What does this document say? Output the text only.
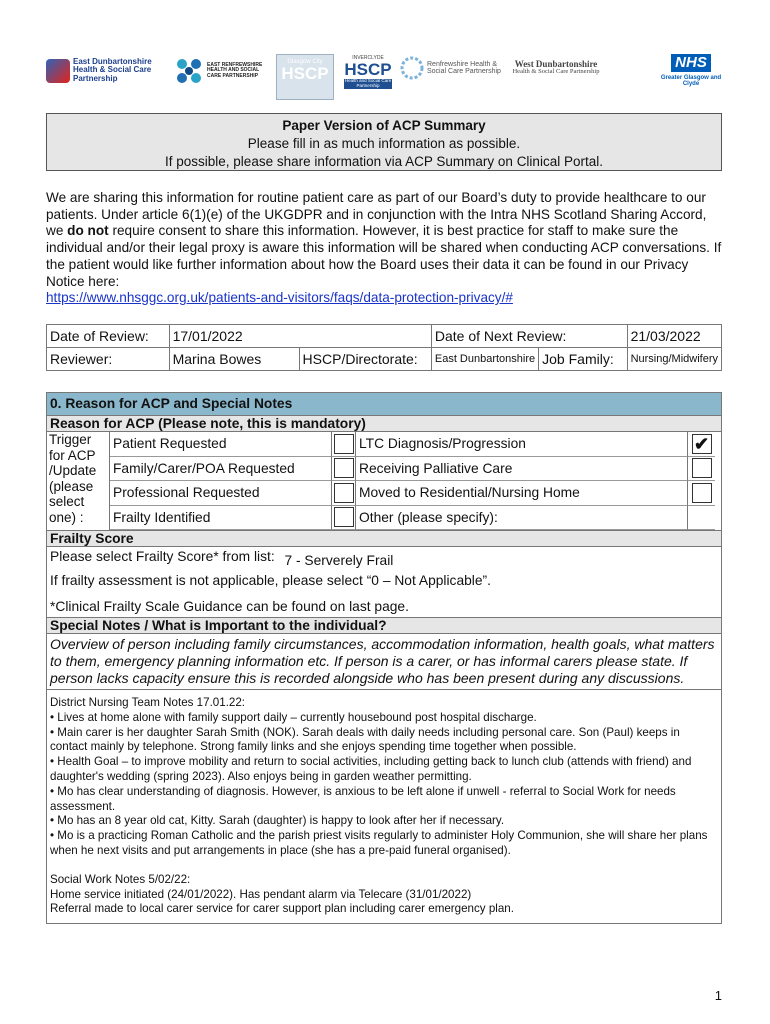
East Dunbartonshire Health & Social Care Partnership
EAST RENFREWSHIRE HEALTH AND SOCIAL CARE PARTNERSHIP
Glasgow City
HSCP
INVERCLYDE
HSCP
Health and Social Care Partnership
Renfrewshire Health & Social Care Partnership
West Dunbartonshire
Health & Social Care Partnership
NHS
Greater Glasgow and Clyde
Paper Version of ACP Summary
Please fill in as much information as possible.
If possible, please share information via ACP Summary on Clinical Portal.
We are sharing this information for routine patient care as part of our Board’s duty to provide healthcare to our patients. Under article 6(1)(e) of the UKGDPR and in conjunction with the Intra NHS Scotland Sharing Accord, we do not require consent to share this information. However, it is best practice for staff to make sure the individual and/or their legal proxy is aware this information will be shared when conducting ACP conversations. If the patient would like further information about how the Board uses their data it can be found in our Privacy Notice here:
https://www.nhsggc.org.uk/patients-and-visitors/faqs/data-protection-privacy/#
Date of Review:	17/01/2022		Date of Next Review:		21/03/2022
Reviewer:	Marina Bowes	HSCP/Directorate:	East Dunbartonshire	Job Family:	Nursing/Midwifery
0. Reason for ACP and Special Notes
Reason for ACP (Please note, this is mandatory)
Trigger for ACP /Update (please select one) :
Patient Requested	LTC Diagnosis/Progression	✔
Family/Carer/POA Requested	Receiving Palliative Care
Professional Requested	Moved to Residential/Nursing Home
Frailty Identified	Other (please specify):
Frailty Score
Please select Frailty Score* from list: 7 - Serverely Frail
If frailty assessment is not applicable, please select “0 – Not Applicable”.
*Clinical Frailty Scale Guidance can be found on last page.
Special Notes / What is Important to the individual?
Overview of person including family circumstances, accommodation information, health goals, what matters to them, emergency planning information etc. If person is a carer, or has informal carers please state. If person lacks capacity ensure this is recorded alongside who has been present during any discussions.
District Nursing Team Notes 17.01.22:
• Lives at home alone with family support daily – currently housebound post hospital discharge.
• Main carer is her daughter Sarah Smith (NOK). Sarah deals with daily needs including personal care. Son (Paul) keeps in contact mainly by telephone. Strong family links and she enjoys spending time together when possible.
• Health Goal – to improve mobility and return to social activities, including getting back to lunch club (attends with friend) and daughter's wedding (spring 2023). Also enjoys being in garden weather permitting.
• Mo has clear understanding of diagnosis. However, is anxious to be left alone if unwell - referral to Social Work for needs assessment.
• Mo has an 8 year old cat, Kitty. Sarah (daughter) is happy to look after her if necessary.
• Mo is a practicing Roman Catholic and the parish priest visits regularly to administer Holy Communion, she will share her plans when he next visits and put arrangements in place (she has a pre-paid funeral organised).
Social Work Notes 5/02/22:
Home service initiated (24/01/2022). Has pendant alarm via Telecare (31/01/2022)
Referral made to local carer service for carer support plan including carer emergency plan.
1
